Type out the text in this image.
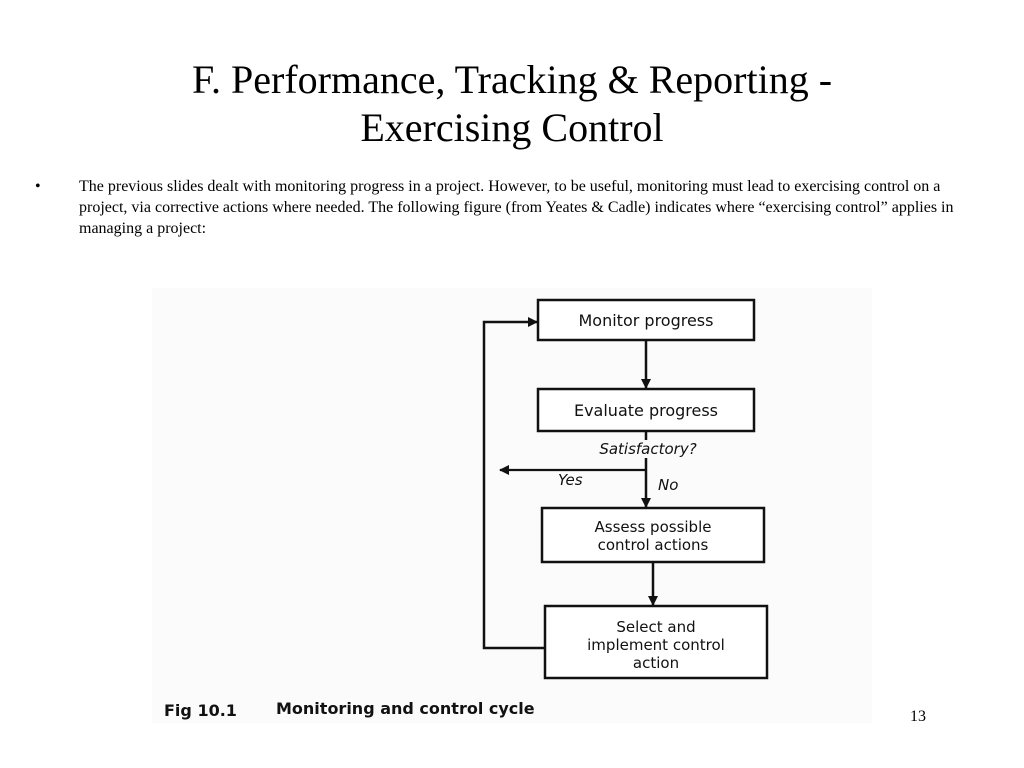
F. Performance, Tracking & Reporting -
Exercising Control
•	The previous slides dealt with monitoring progress in a project. However, to be useful, monitoring must lead to exercising control on a project, via corrective actions where needed. The following figure (from Yeates & Cadle) indicates where “exercising control” applies in managing a project:
Monitor progress
Evaluate progress
Satisfactory?
Yes	No
Assess possible
control actions
Select and
implement control
action
Fig 10.1 Monitoring and control cycle	13
